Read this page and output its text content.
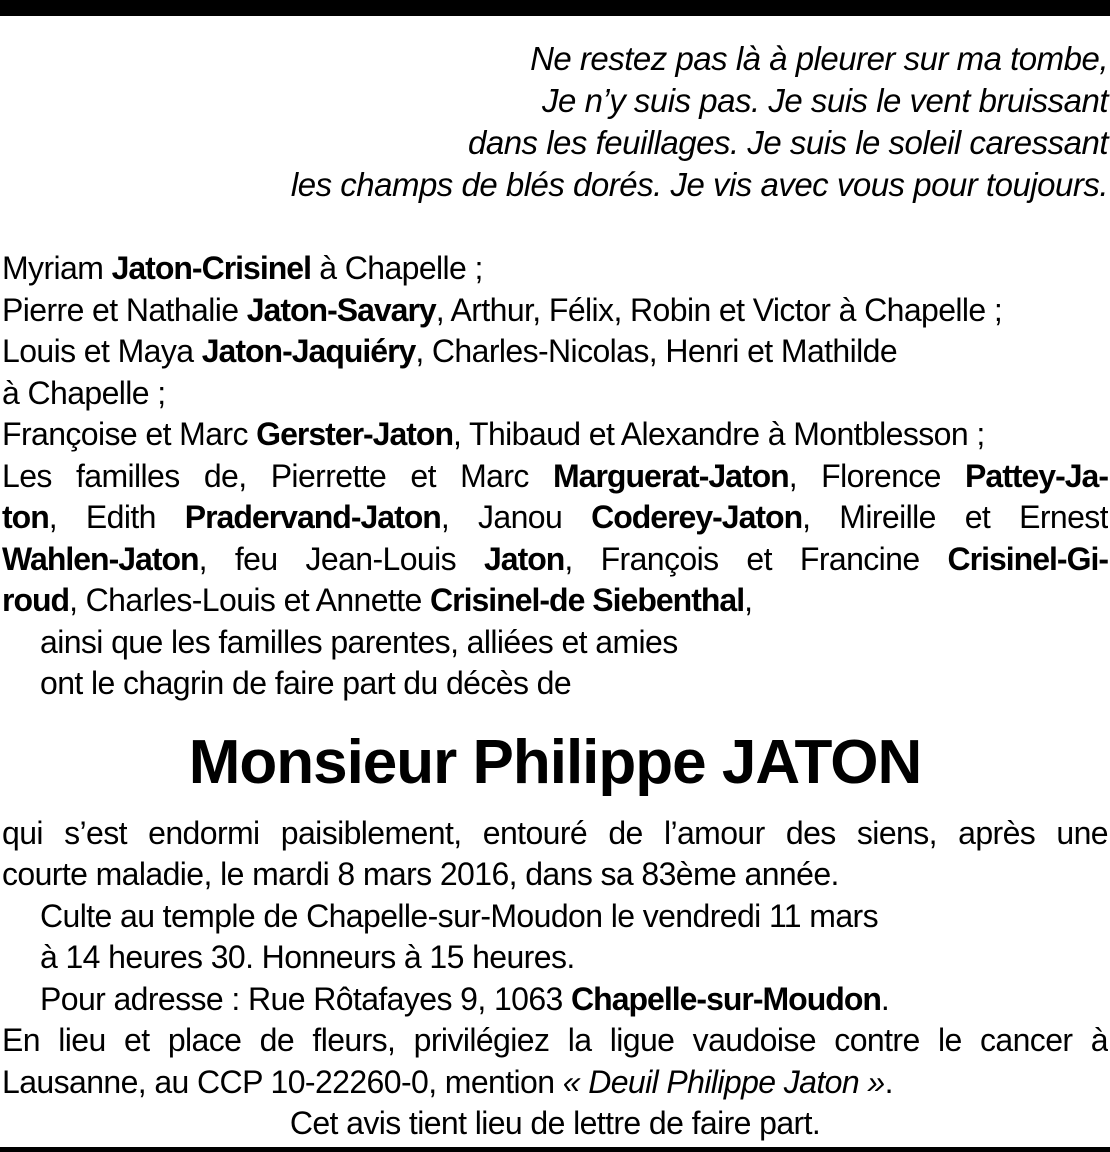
Ne restez pas là à pleurer sur ma tombe,
Je n’y suis pas. Je suis le vent bruissant
dans les feuillages. Je suis le soleil caressant
les champs de blés dorés. Je vis avec vous pour toujours.
Myriam Jaton-Crisinel à Chapelle ;
Pierre et Nathalie Jaton-Savary, Arthur, Félix, Robin et Victor à Chapelle ;
Louis et Maya Jaton-Jaquiéry, Charles-Nicolas, Henri et Mathilde
à Chapelle ;
Françoise et Marc Gerster-Jaton, Thibaud et Alexandre à Montblesson ;
Les familles de, Pierrette et Marc Marguerat-Jaton, Florence Pattey-Ja-
ton, Edith Pradervand-Jaton, Janou Coderey-Jaton, Mireille et Ernest
Wahlen-Jaton, feu Jean-Louis Jaton, François et Francine Crisinel-Gi-
roud, Charles-Louis et Annette Crisinel-de Siebenthal,
ainsi que les familles parentes, alliées et amies
ont le chagrin de faire part du décès de
Monsieur Philippe JATON
qui s’est endormi paisiblement, entouré de l’amour des siens, après une
courte maladie, le mardi 8 mars 2016, dans sa 83ème année.
Culte au temple de Chapelle-sur-Moudon le vendredi 11 mars
à 14 heures 30. Honneurs à 15 heures.
Pour adresse : Rue Rôtafayes 9, 1063 Chapelle-sur-Moudon.
En lieu et place de fleurs, privilégiez la ligue vaudoise contre le cancer à
Lausanne, au CCP 10-22260-0, mention « Deuil Philippe Jaton ».
Cet avis tient lieu de lettre de faire part.
